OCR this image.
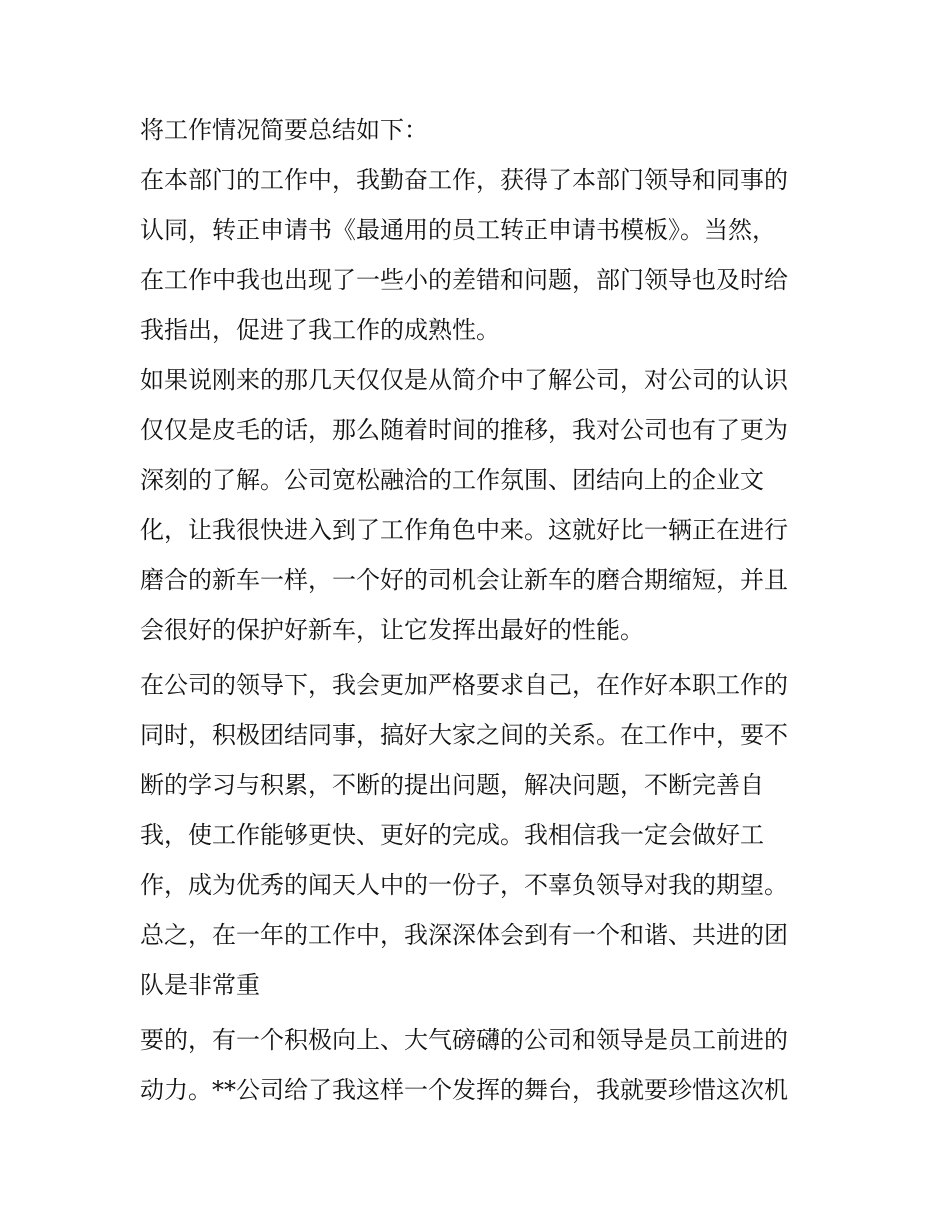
将工作情况简要总结如下：
在本部门的工作中，我勤奋工作，获得了本部门领导和同事的
认同，转正申请书《最通用的员工转正申请书模板》。当然，
在工作中我也出现了一些小的差错和问题，部门领导也及时给
我指出，促进了我工作的成熟性。
如果说刚来的那几天仅仅是从简介中了解公司，对公司的认识
仅仅是皮毛的话，那么随着时间的推移，我对公司也有了更为
深刻的了解。公司宽松融洽的工作氛围、团结向上的企业文
化，让我很快进入到了工作角色中来。这就好比一辆正在进行
磨合的新车一样，一个好的司机会让新车的磨合期缩短，并且
会很好的保护好新车，让它发挥出最好的性能。
在公司的领导下，我会更加严格要求自己，在作好本职工作的
同时，积极团结同事，搞好大家之间的关系。在工作中，要不
断的学习与积累，不断的提出问题，解决问题，不断完善自
我，使工作能够更快、更好的完成。我相信我一定会做好工
作，成为优秀的闻天人中的一份子，不辜负领导对我的期望。
总之，在一年的工作中，我深深体会到有一个和谐、共进的团
队是非常重
要的，有一个积极向上、大气磅礴的公司和领导是员工前进的
动力。**公司给了我这样一个发挥的舞台，我就要珍惜这次机
